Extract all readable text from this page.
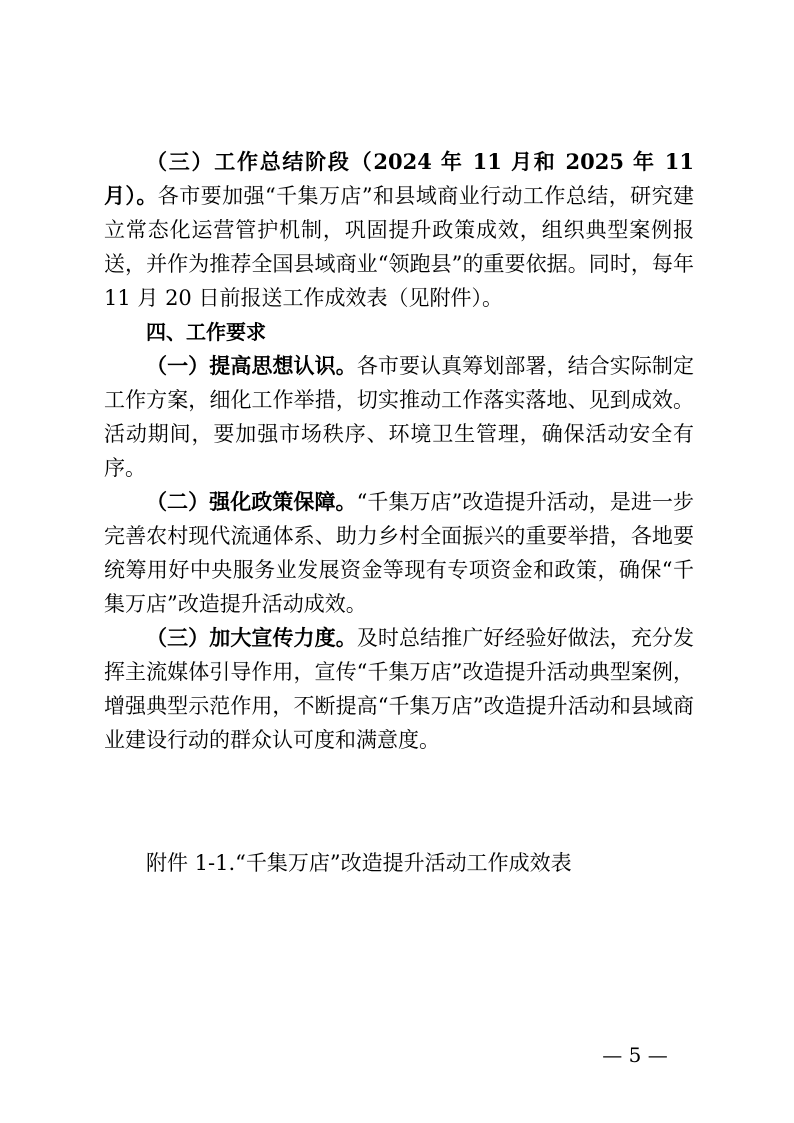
（三）工作总结阶段（2024 年 11 月和 2025 年 11 月）。各市要加强“千集万店”和县域商业行动工作总结，研究建立常态化运营管护机制，巩固提升政策成效，组织典型案例报送，并作为推荐全国县域商业“领跑县”的重要依据。同时，每年 11 月 20 日前报送工作成效表（见附件）。

四、工作要求

（一）提高思想认识。各市要认真筹划部署，结合实际制定工作方案，细化工作举措，切实推动工作落实落地、见到成效。活动期间，要加强市场秩序、环境卫生管理，确保活动安全有序。

（二）强化政策保障。“千集万店”改造提升活动，是进一步完善农村现代流通体系、助力乡村全面振兴的重要举措，各地要统筹用好中央服务业发展资金等现有专项资金和政策，确保“千集万店”改造提升活动成效。

（三）加大宣传力度。及时总结推广好经验好做法，充分发挥主流媒体引导作用，宣传“千集万店”改造提升活动典型案例，增强典型示范作用，不断提高“千集万店”改造提升活动和县域商业建设行动的群众认可度和满意度。

附件 1-1.“千集万店”改造提升活动工作成效表
— 5 —
